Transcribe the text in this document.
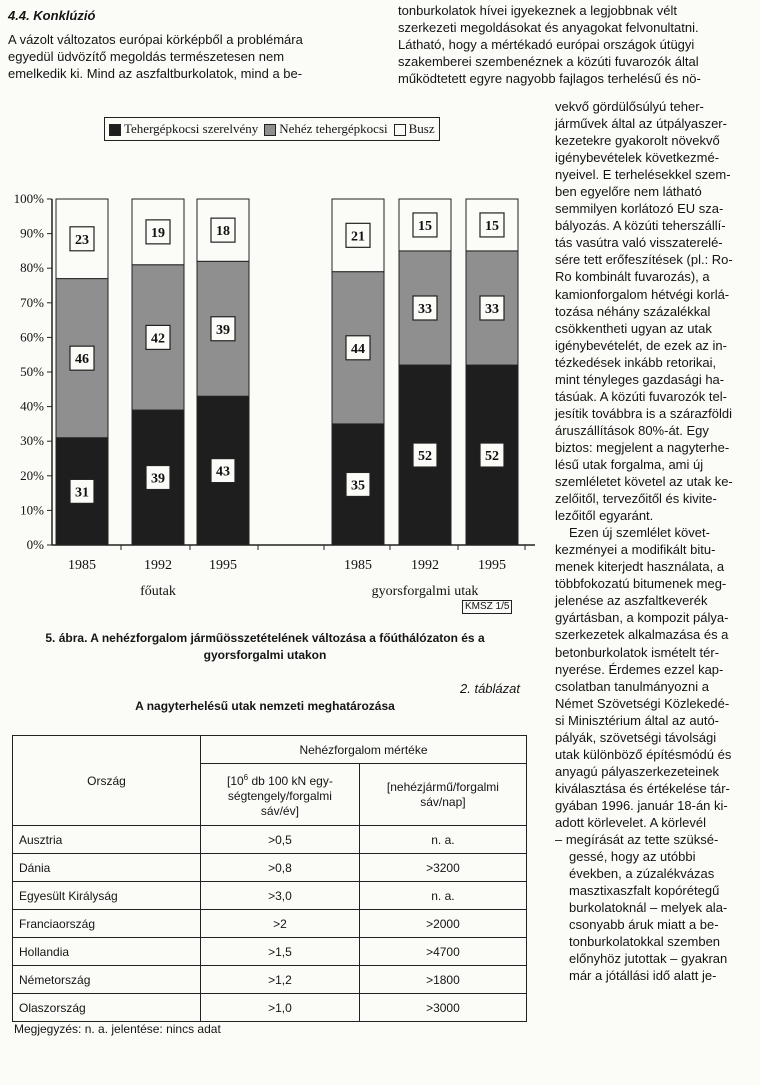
4.4. Konklúzió
A vázolt változatos európai körképből a problémára
egyedül üdvözítő megoldás természetesen nem
emelkedik ki. Mind az aszfaltburkolatok, mind a be-
tonburkolatok hívei igyekeznek a legjobbnak vélt
szerkezeti megoldásokat és anyagokat felvonultatni.
Látható, hogy a mértékadó európai országok útügyi
szakemberei szembenéznek a közúti fuvarozók által
működtetett egyre nagyobb fajlagos terhelésű és nö-
vekvő gördülősúlyú teher-
járművek által az útpályaszer-
kezetekre gyakorolt növekvő
igénybevételek következmé-
nyeivel. E terhelésekkel szem-
ben egyelőre nem látható
semmilyen korlátozó EU sza-
bályozás. A közúti teherszállí-
tás vasútra való visszaterelé-
sére tett erőfeszítések (pl.: Ro-
Ro kombinált fuvarozás), a
kamionforgalom hétvégi korlá-
tozása néhány százalékkal
csökkentheti ugyan az utak
igénybevételét, de ezek az in-
tézkedések inkább retorikai,
mint tényleges gazdasági ha-
tásúak. A közúti fuvarozók tel-
jesítik továbbra is a szárazföldi
áruszállítások 80%-át. Egy
biztos: megjelent a nagyterhe-
lésű utak forgalma, ami új
szemléletet követel az utak ke-
zelőitől, tervezőitől és kivite-
lezőitől egyaránt.
Ezen új szemlélet követ-
kezményei a modifikált bitu-
menek kiterjedt használata, a
többfokozatú bitumenek meg-
jelenése az aszfaltkeverék
gyártásban, a kompozit pálya-
szerkezetek alkalmazása és a
betonburkolatok ismételt tér-
nyerése. Érdemes ezzel kap-
csolatban tanulmányozni a
Német Szövetségi Közlekedé-
si Minisztérium által az autó-
pályák, szövetségi távolsági
utak különböző építésmódú és
anyagú pályaszerkezeteinek
kiválasztása és értékelése tár-
gyában 1996. január 18-án ki-
adott körlevelet. A körlevél
– megírását az tette szüksé-
gessé, hogy az utóbbi
években, a zúzalékvázas
masztixaszfalt kopórétegű
burkolatoknál – melyek ala-
csonyabb áruk miatt a be-
tonburkolatokkal szemben
előnyhöz jutottak – gyakran
már a jótállási idő alatt je-
Tehergépkocsi szerelvény	Nehéz tehergépkocsi	Busz
0%
10%
20%
30%
40%
50%
60%
70%
80%
90%
100%
31
46
23
1985
39
42
19
1992
43
39
18
1995
35
44
21
1985
52
33
15
1992
52
33
15
1995
főutak	gyorsforgalmi utak
KMSZ 1/5
5. ábra. A nehézforgalom járműösszetételének változása a főúthálózaton és a
gyorsforgalmi utakon
2. táblázat
A nagyterhelésű utak nemzeti meghatározása
Ország	Nehézforgalom mértéke	
	[$10^6$ db 100 kN egy-
ségtengely/forgalmi
sáv/év]	[nehézjármű/forgalmi
sáv/nap]
Ausztria	>0,5	n. a.
Dánia	>0,8	>3200
Egyesült Királyság	>3,0	n. a.
Franciaország	>2	>2000
Hollandia	>1,5	>4700
Németország	>1,2	>1800
Olaszország	>1,0	>3000
Megjegyzés: n. a. jelentése: nincs adat
